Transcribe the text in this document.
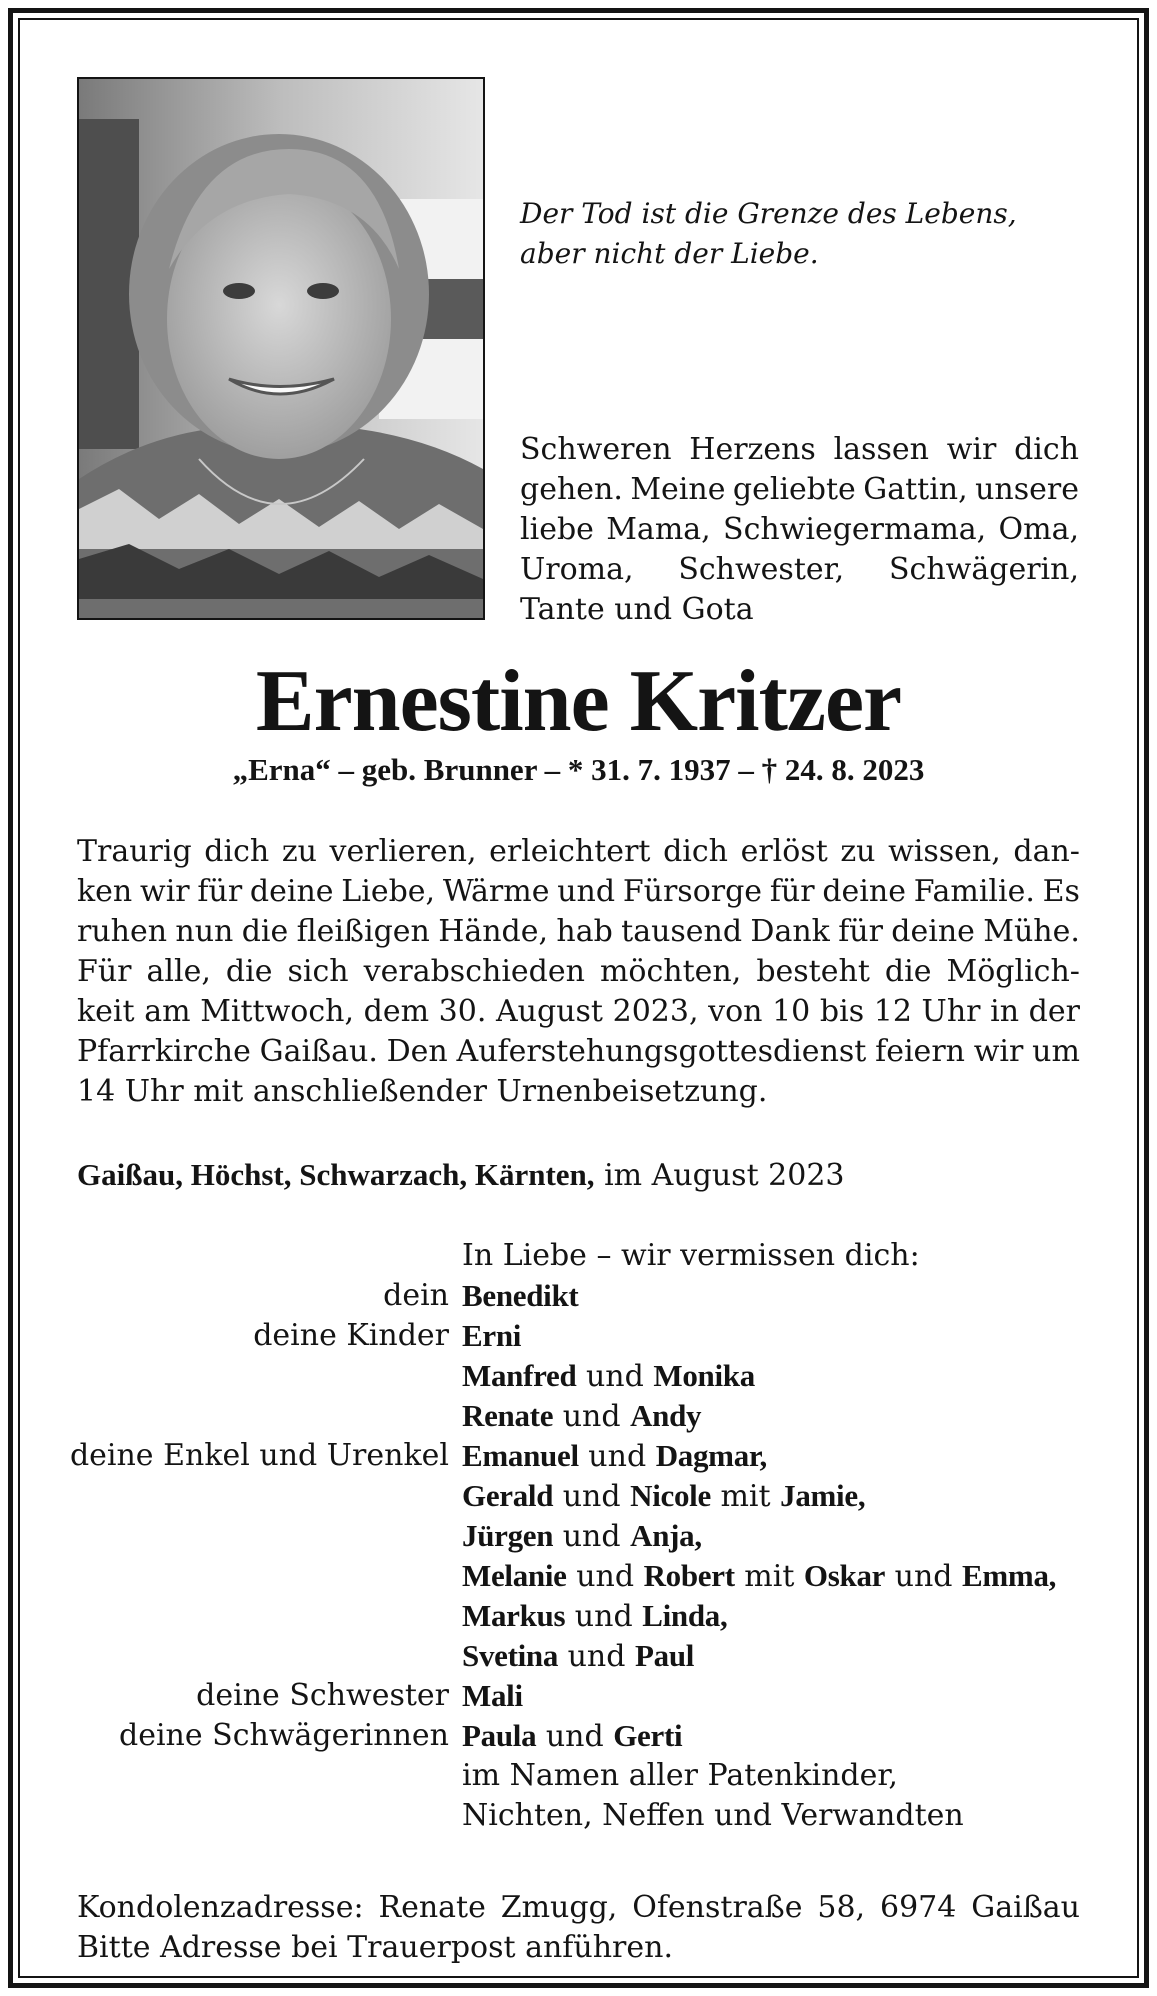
Der Tod ist die Grenze des Lebens,
aber nicht der Liebe.
Schweren Herzens lassen wir dich
gehen. Meine geliebte Gattin, unsere
liebe Mama, Schwiegermama, Oma,
Uroma, Schwester, Schwägerin,
Tante und Gota
Ernestine Kritzer
„Erna“ – geb. Brunner – * 31. 7. 1937 – † 24. 8. 2023
Traurig dich zu verlieren, erleichtert dich erlöst zu wissen, dan-
ken wir für deine Liebe, Wärme und Fürsorge für deine Familie. Es
ruhen nun die fleißigen Hände, hab tausend Dank für deine Mühe.
Für alle, die sich verabschieden möchten, besteht die Möglich-
keit am Mittwoch, dem 30. August 2023, von 10 bis 12 Uhr in der
Pfarrkirche Gaißau. Den Auferstehungsgottesdienst feiern wir um
14 Uhr mit anschließender Urnenbeisetzung.
Gaißau, Höchst, Schwarzach, Kärnten, im August 2023
In Liebe – wir vermissen dich:
dein Benedikt
deine Kinder Erni
Manfred und Monika
Renate und Andy
deine Enkel und Urenkel Emanuel und Dagmar,
Gerald und Nicole mit Jamie,
Jürgen und Anja,
Melanie und Robert mit Oskar und Emma,
Markus und Linda,
Svetina und Paul
deine Schwester Mali
deine Schwägerinnen Paula und Gerti
im Namen aller Patenkinder,
Nichten, Neffen und Verwandten
Kondolenzadresse: Renate Zmugg, Ofenstraße 58, 6974 Gaißau
Bitte Adresse bei Trauerpost anführen.
